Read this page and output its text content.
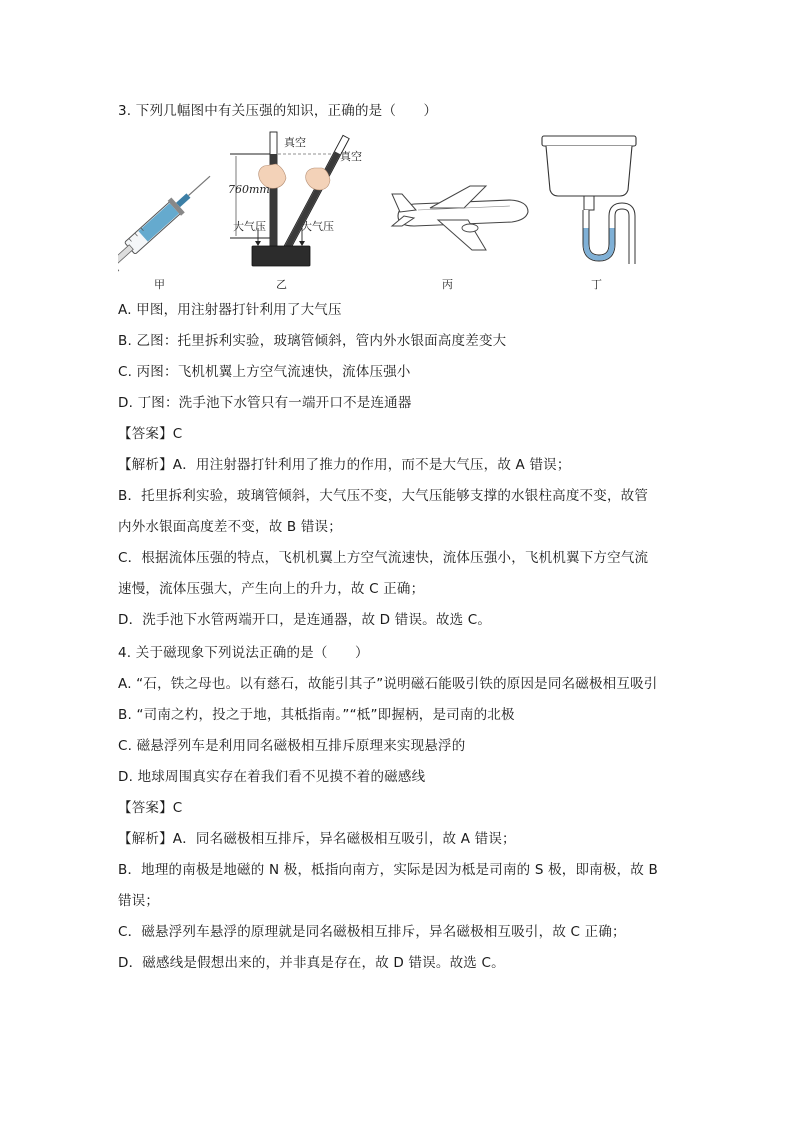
3. 下列几幅图中有关压强的知识，正确的是（　　）
真空
真空
760mm
大气压	大气压
甲	乙	丙	丁
A. 甲图，用注射器打针利用了大气压
B. 乙图：托里拆利实验，玻璃管倾斜，管内外水银面高度差变大
C. 丙图：飞机机翼上方空气流速快，流体压强小
D. 丁图：洗手池下水管只有一端开口不是连通器
【答案】C
【解析】A．用注射器打针利用了推力的作用，而不是大气压，故 A 错误；
B．托里拆利实验，玻璃管倾斜，大气压不变，大气压能够支撑的水银柱高度不变，故管
内外水银面高度差不变，故 B 错误；
C．根据流体压强的特点，飞机机翼上方空气流速快，流体压强小，飞机机翼下方空气流
速慢，流体压强大，产生向上的升力，故 C 正确；
D．洗手池下水管两端开口，是连通器，故 D 错误。故选 C。
4. 关于磁现象下列说法正确的是（　　）
A. “石，铁之母也。以有慈石，故能引其子”说明磁石能吸引铁的原因是同名磁极相互吸引
B. “司南之杓，投之于地，其柢指南。”“柢”即握柄，是司南的北极
C. 磁悬浮列车是利用同名磁极相互排斥原理来实现悬浮的
D. 地球周围真实存在着我们看不见摸不着的磁感线
【答案】C
【解析】A．同名磁极相互排斥，异名磁极相互吸引，故 A 错误；
B．地理的南极是地磁的 N 极，柢指向南方，实际是因为柢是司南的 S 极，即南极，故 B
错误；
C．磁悬浮列车悬浮的原理就是同名磁极相互排斥，异名磁极相互吸引，故 C 正确；
D．磁感线是假想出来的，并非真是存在，故 D 错误。故选 C。
